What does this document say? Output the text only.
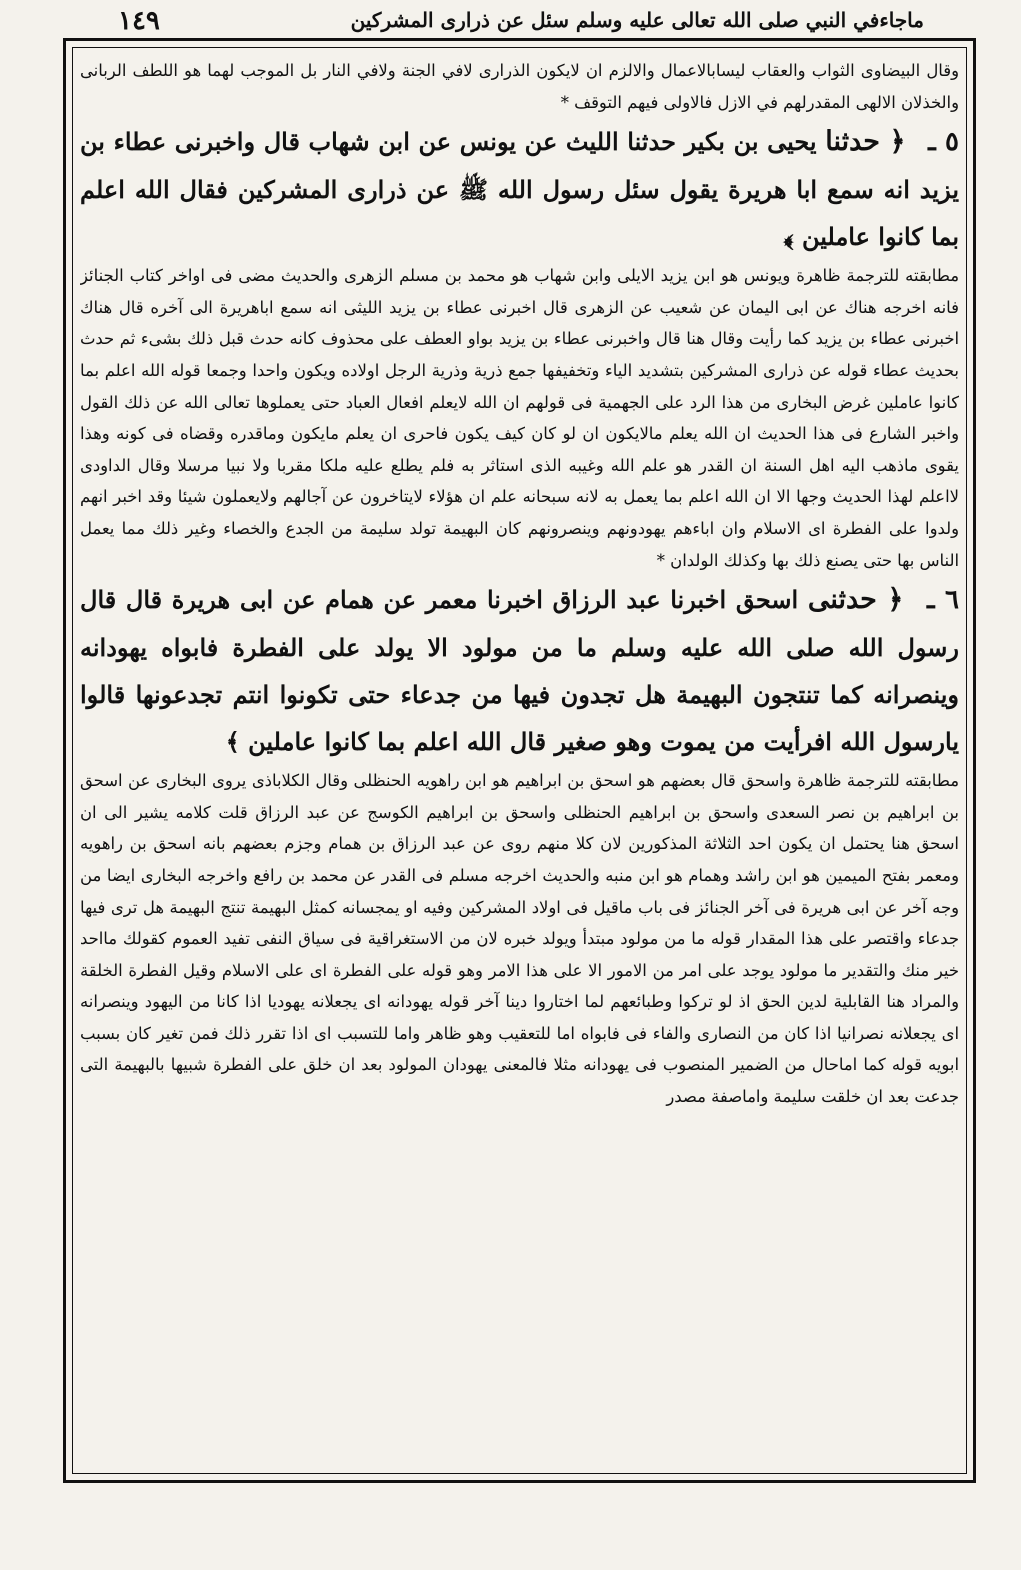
ماجاءفي النبي صلى الله تعالى عليه وسلم سئل عن ذرارى المشركين
١٤٩

وقال البيضاوى الثواب والعقاب ليسابالاعمال والالزم ان لايكون الذرارى لافي الجنة ولافي النار بل الموجب لهما هو اللطف الربانى والخذلان الالهى المقدرلهم في الازل فالاولى فيهم التوقف *

٥ ـ ﴿ حدثنا يحيى بن بكير حدثنا الليث عن يونس عن ابن شهاب قال واخبرنى عطاء بن يزيد انه سمع ابا هريرة يقول سئل رسول الله ﷺ عن ذرارى المشركين فقال الله اعلم بما كانوا عاملين ﴾

مطابقته للترجمة ظاهرة ويونس هو ابن يزيد الايلى وابن شهاب هو محمد بن مسلم الزهرى والحديث مضى فى اواخر كتاب الجنائز فانه اخرجه هناك عن ابى اليمان عن شعيب عن الزهرى قال اخبرنى عطاء بن يزيد الليثى انه سمع اباهريرة الى آخره قال هناك اخبرنى عطاء بن يزيد كما رأيت وقال هنا قال واخبرنى عطاء بن يزيد بواو العطف على محذوف كانه حدث قبل ذلك بشىء ثم حدث بحديث عطاء قوله عن ذرارى المشركين بتشديد الياء وتخفيفها جمع ذرية وذرية الرجل اولاده ويكون واحدا وجمعا قوله الله اعلم بما كانوا عاملين غرض البخارى من هذا الرد على الجهمية فى قولهم ان الله لايعلم افعال العباد حتى يعملوها تعالى الله عن ذلك القول واخبر الشارع فى هذا الحديث ان الله يعلم مالايكون ان لو كان كيف يكون فاحرى ان يعلم مايكون وماقدره وقضاه فى كونه وهذا يقوى ماذهب اليه اهل السنة ان القدر هو علم الله وغيبه الذى استاثر به فلم يطلع عليه ملكا مقربا ولا نبيا مرسلا وقال الداودى لااعلم لهذا الحديث وجها الا ان الله اعلم بما يعمل به لانه سبحانه علم ان هؤلاء لايتاخرون عن آجالهم ولايعملون شيئا وقد اخبر انهم ولدوا على الفطرة اى الاسلام وان اباءهم يهودونهم وينصرونهم كان البهيمة تولد سليمة من الجدع والخصاء وغير ذلك مما يعمل الناس بها حتى يصنع ذلك بها وكذلك الولدان *

٦ ـ ﴿ حدثنى اسحق اخبرنا عبد الرزاق اخبرنا معمر عن همام عن ابى هريرة قال قال رسول الله صلى الله عليه وسلم ما من مولود الا يولد على الفطرة فابواه يهودانه وينصرانه كما تنتجون البهيمة هل تجدون فيها من جدعاء حتى تكونوا انتم تجدعونها قالوا يارسول الله افرأيت من يموت وهو صغير قال الله اعلم بما كانوا عاملين ﴾

مطابقته للترجمة ظاهرة واسحق قال بعضهم هو اسحق بن ابراهيم هو ابن راهويه الحنظلى وقال الكلاباذى يروى البخارى عن اسحق بن ابراهيم بن نصر السعدى واسحق بن ابراهيم الحنظلى واسحق بن ابراهيم الكوسج عن عبد الرزاق قلت كلامه يشير الى ان اسحق هنا يحتمل ان يكون احد الثلاثة المذكورين لان كلا منهم روى عن عبد الرزاق بن همام وجزم بعضهم بانه اسحق بن راهويه ومعمر بفتح الميمين هو ابن راشد وهمام هو ابن منبه والحديث اخرجه مسلم فى القدر عن محمد بن رافع واخرجه البخارى ايضا من وجه آخر عن ابى هريرة فى آخر الجنائز فى باب ماقيل فى اولاد المشركين وفيه او يمجسانه كمثل البهيمة تنتج البهيمة هل ترى فيها جدعاء واقتصر على هذا المقدار قوله ما من مولود مبتدأ ويولد خبره لان من الاستغراقية فى سياق النفى تفيد العموم كقولك مااحد خير منك والتقدير ما مولود يوجد على امر من الامور الا على هذا الامر وهو قوله على الفطرة اى على الاسلام وقيل الفطرة الخلقة والمراد هنا القابلية لدين الحق اذ لو تركوا وطبائعهم لما اختاروا دينا آخر قوله يهودانه اى يجعلانه يهوديا اذا كانا من اليهود وينصرانه اى يجعلانه نصرانيا اذا كان من النصارى والفاء فى فابواه اما للتعقيب وهو ظاهر واما للتسبب اى اذا تقرر ذلك فمن تغير كان بسبب ابويه قوله كما اماحال من الضمير المنصوب فى يهودانه مثلا فالمعنى يهودان المولود بعد ان خلق على الفطرة شبيها بالبهيمة التى جدعت بعد ان خلقت سليمة واماصفة مصدر
